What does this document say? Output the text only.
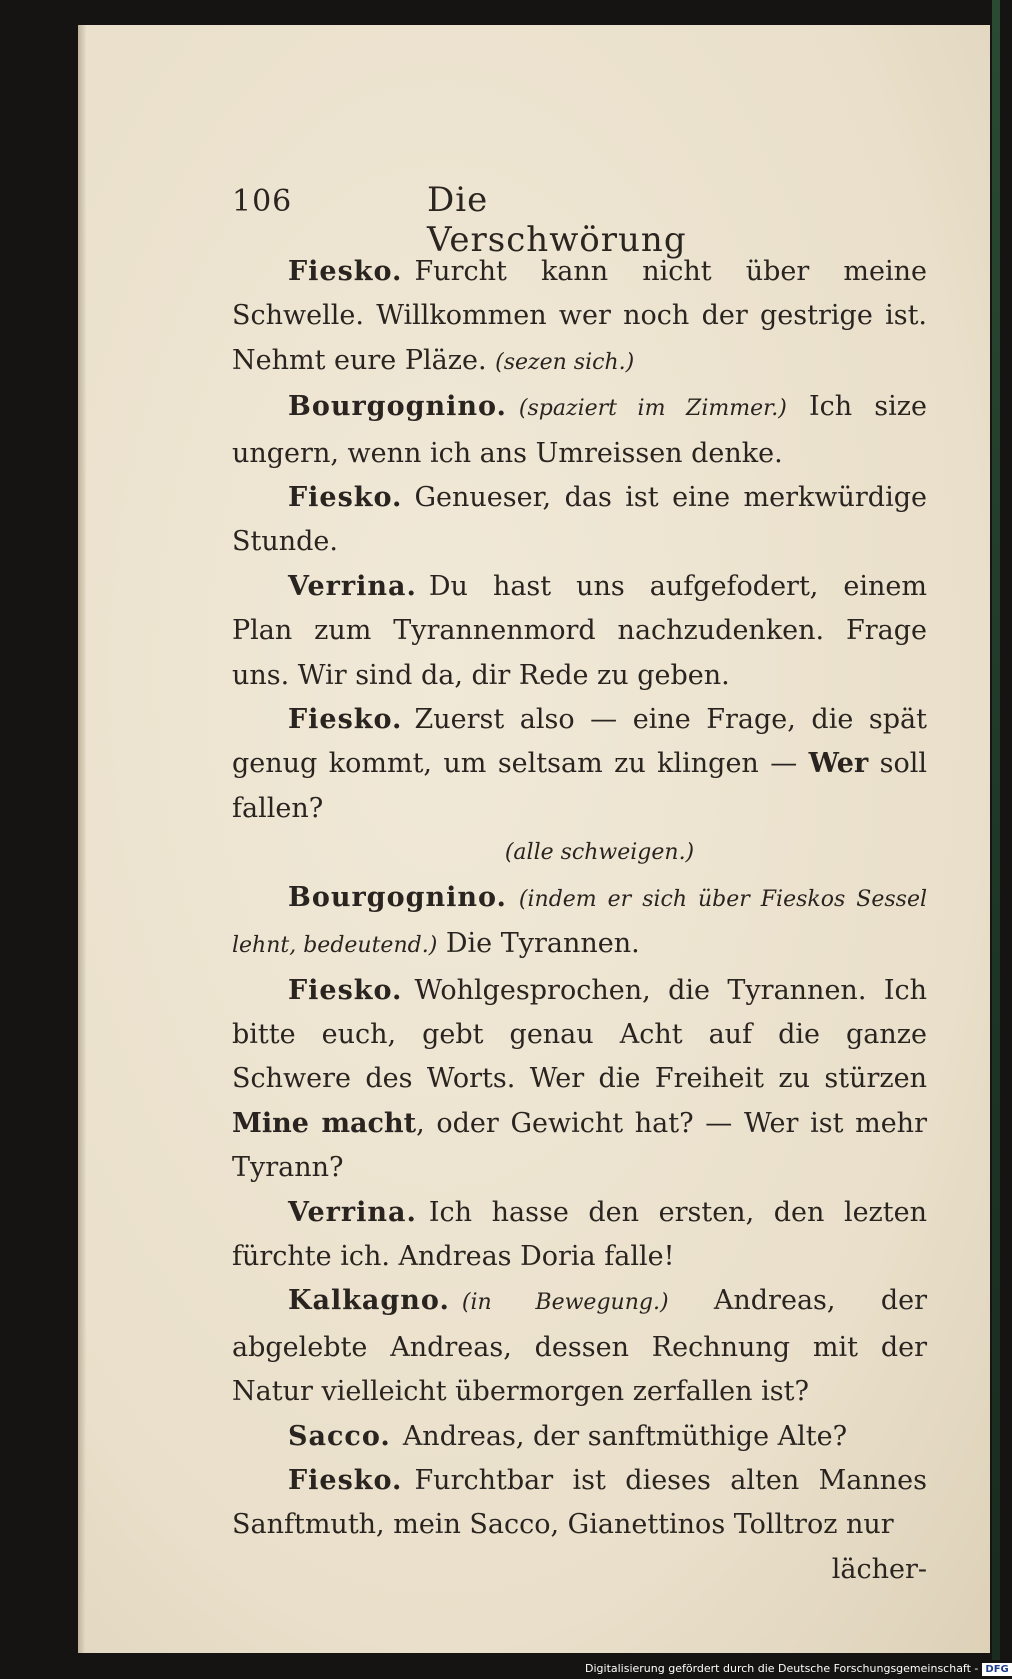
106	Die Verschwörung

Fiesko. Furcht kann nicht über meine Schwelle. Willkommen wer noch der gestrige ist. Nehmt eure Pläze. (sezen sich.)

Bourgognino. (spaziert im Zimmer.) Ich size ungern, wenn ich ans Umreissen denke.

Fiesko. Genueser, das ist eine merkwürdige Stunde.

Verrina. Du hast uns aufgefodert, einem Plan zum Tyrannenmord nachzudenken. Frage uns. Wir sind da, dir Rede zu geben.

Fiesko. Zuerst also — eine Frage, die spät genug kommt, um seltsam zu klingen — Wer soll fallen?

(alle schweigen.)

Bourgognino. (indem er sich über Fieskos Sessel lehnt, bedeutend.) Die Tyrannen.

Fiesko. Wohlgesprochen, die Tyrannen. Ich bitte euch, gebt genau Acht auf die ganze Schwere des Worts. Wer die Freiheit zu stürzen Mine macht, oder Gewicht hat? — Wer ist mehr Tyrann?

Verrina. Ich hasse den ersten, den lezten fürchte ich. Andreas Doria falle!

Kalkagno. (in Bewegung.) Andreas, der abgelebte Andreas, dessen Rechnung mit der Natur vielleicht übermorgen zerfallen ist?

Sacco. Andreas, der sanftmüthige Alte?

Fiesko. Furchtbar ist dieses alten Mannes Sanftmuth, mein Sacco, Gianettinos Tolltroz nur

lächer-

Digitalisierung gefördert durch die Deutsche Forschungsgemeinschaft - DFG
